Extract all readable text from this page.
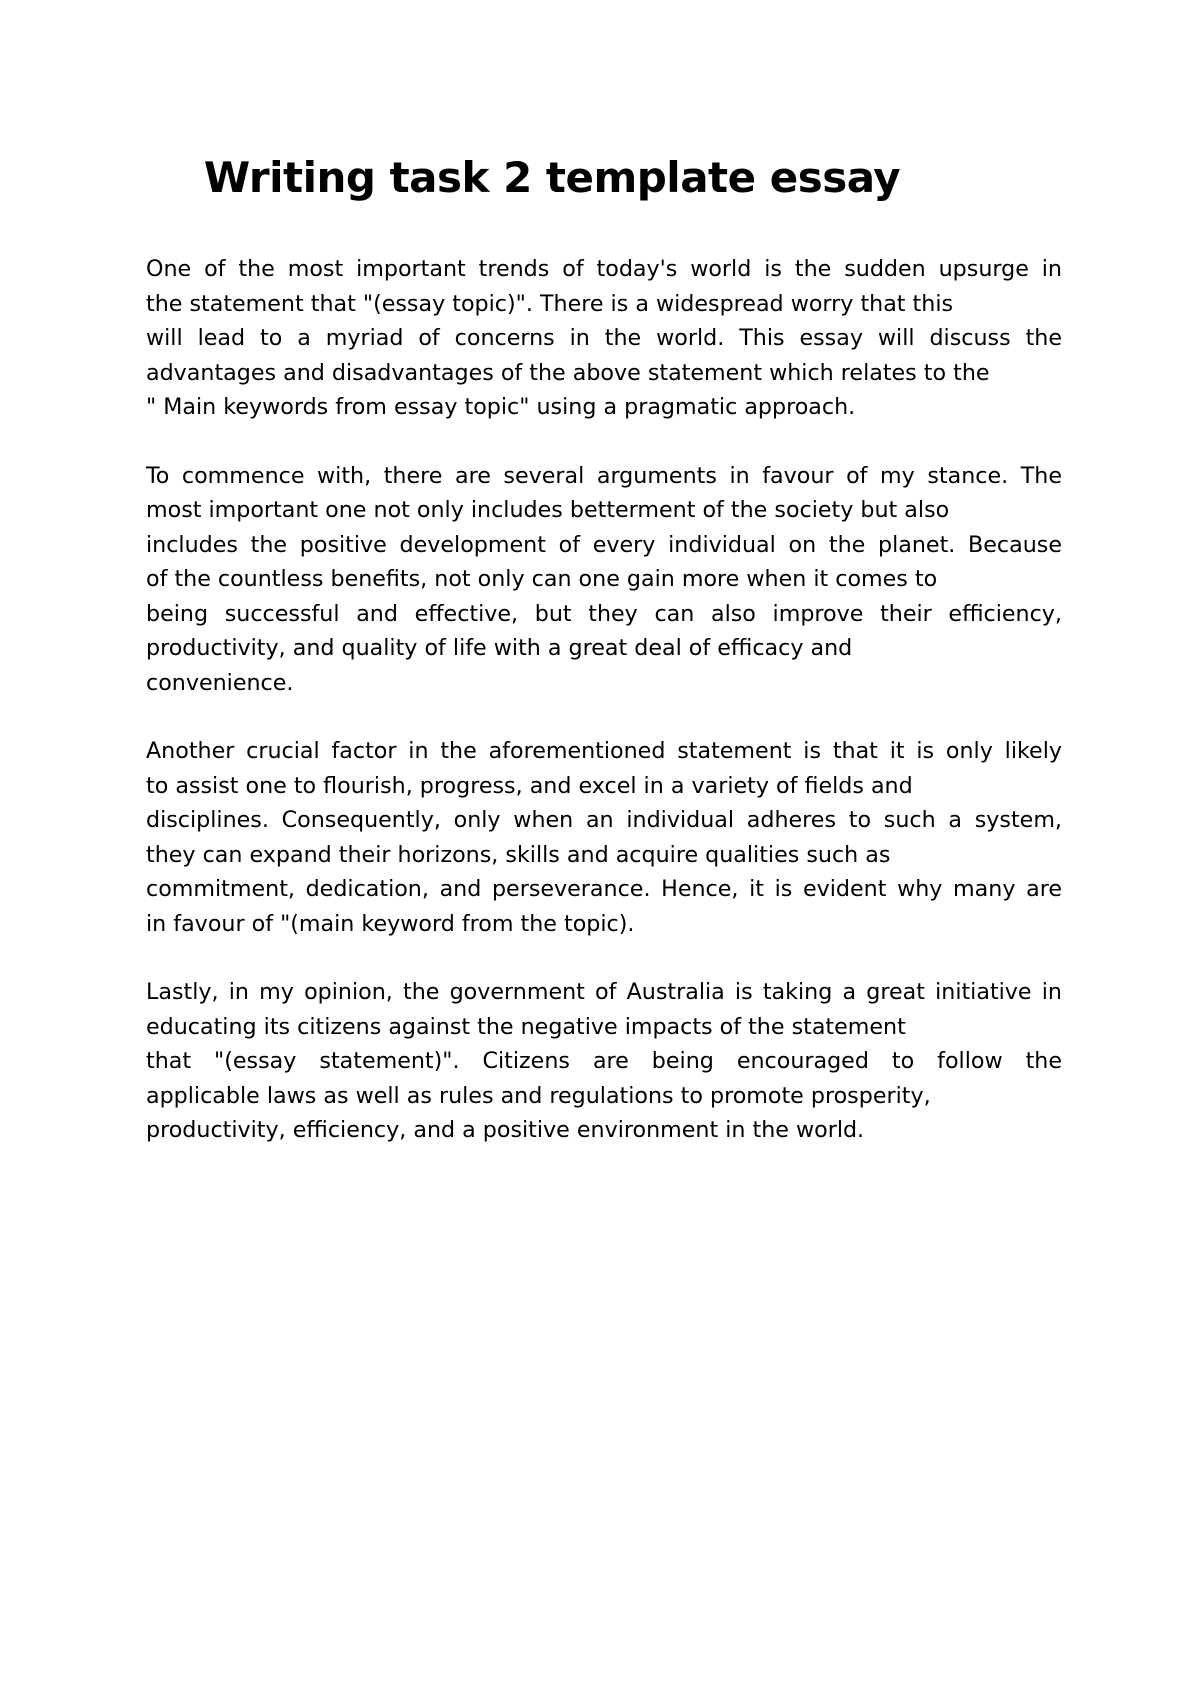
Writing task 2 template essay
One of the most important trends of today's world is the sudden upsurge in
the statement that "(essay topic)". There is a widespread worry that this
will lead to a myriad of concerns in the world. This essay will discuss the
advantages and disadvantages of the above statement which relates to the
" Main keywords from essay topic" using a pragmatic approach.
To commence with, there are several arguments in favour of my stance. The
most important one not only includes betterment of the society but also
includes the positive development of every individual on the planet. Because
of the countless benefits, not only can one gain more when it comes to
being successful and effective, but they can also improve their efficiency,
productivity, and quality of life with a great deal of efficacy and
convenience.
Another crucial factor in the aforementioned statement is that it is only likely
to assist one to flourish, progress, and excel in a variety of fields and
disciplines. Consequently, only when an individual adheres to such a system,
they can expand their horizons, skills and acquire qualities such as
commitment, dedication, and perseverance. Hence, it is evident why many are
in favour of "(main keyword from the topic).
Lastly, in my opinion, the government of Australia is taking a great initiative in
educating its citizens against the negative impacts of the statement
that "(essay statement)". Citizens are being encouraged to follow the
applicable laws as well as rules and regulations to promote prosperity,
productivity, efficiency, and a positive environment in the world.
